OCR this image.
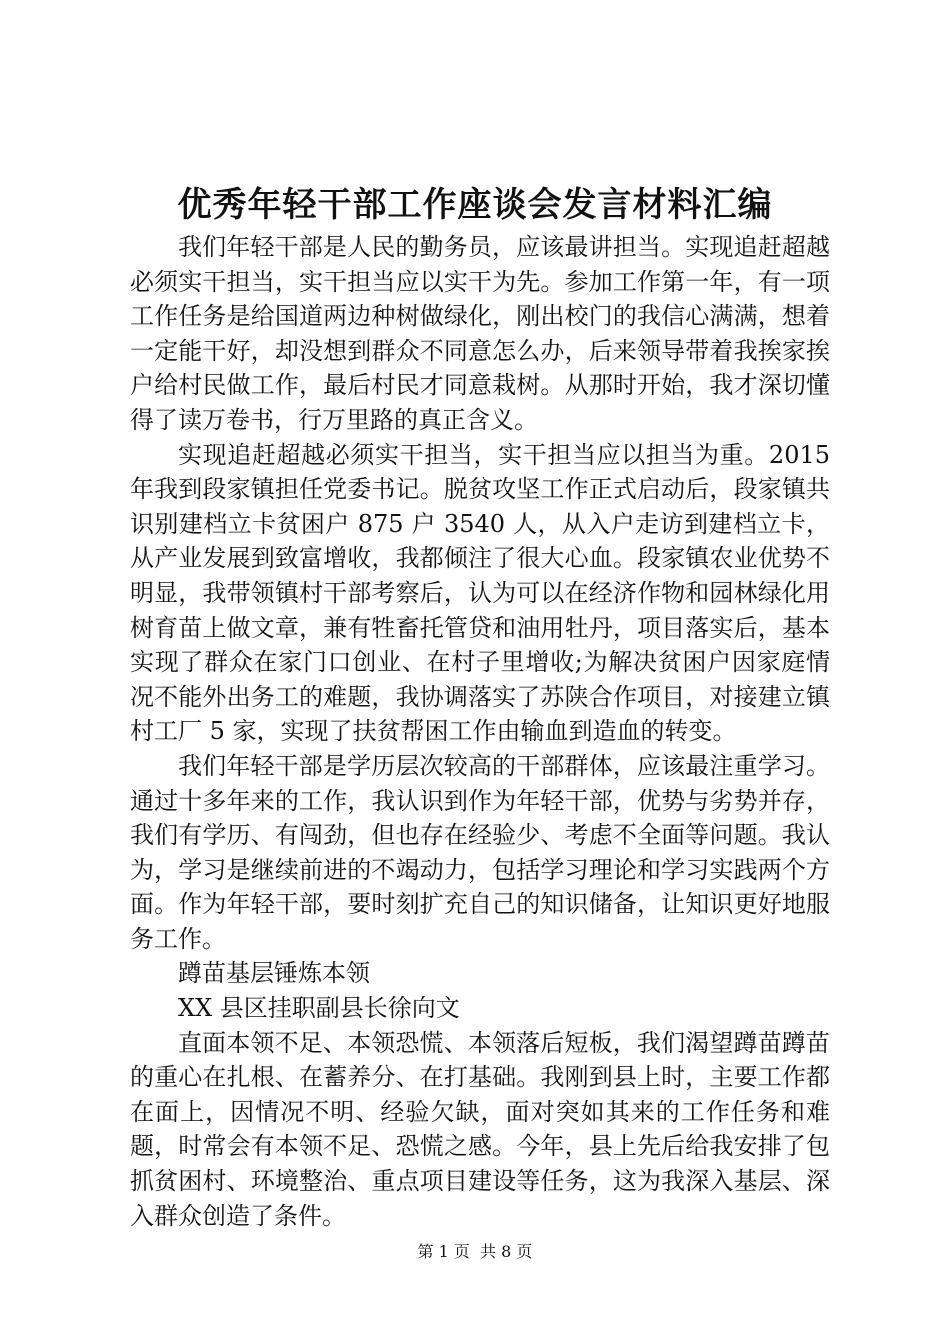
优秀年轻干部工作座谈会发言材料汇编

我们年轻干部是人民的勤务员，应该最讲担当。实现追赶超越必须实干担当，实干担当应以实干为先。参加工作第一年，有一项工作任务是给国道两边种树做绿化，刚出校门的我信心满满，想着一定能干好，却没想到群众不同意怎么办，后来领导带着我挨家挨户给村民做工作，最后村民才同意栽树。从那时开始，我才深切懂得了读万卷书，行万里路的真正含义。

实现追赶超越必须实干担当，实干担当应以担当为重。2015 年我到段家镇担任党委书记。脱贫攻坚工作正式启动后，段家镇共识别建档立卡贫困户 875 户 3540 人，从入户走访到建档立卡，从产业发展到致富增收，我都倾注了很大心血。段家镇农业优势不明显，我带领镇村干部考察后，认为可以在经济作物和园林绿化用树育苗上做文章，兼有牲畜托管贷和油用牡丹，项目落实后，基本实现了群众在家门口创业、在村子里增收;为解决贫困户因家庭情况不能外出务工的难题，我协调落实了苏陕合作项目，对接建立镇村工厂 5 家，实现了扶贫帮困工作由输血到造血的转变。

我们年轻干部是学历层次较高的干部群体，应该最注重学习。通过十多年来的工作，我认识到作为年轻干部，优势与劣势并存，我们有学历、有闯劲，但也存在经验少、考虑不全面等问题。我认为，学习是继续前进的不竭动力，包括学习理论和学习实践两个方面。作为年轻干部，要时刻扩充自己的知识储备，让知识更好地服务工作。

蹲苗基层锤炼本领

XX 县区挂职副县长徐向文

直面本领不足、本领恐慌、本领落后短板，我们渴望蹲苗蹲苗的重心在扎根、在蓄养分、在打基础。我刚到县上时，主要工作都在面上，因情况不明、经验欠缺，面对突如其来的工作任务和难题，时常会有本领不足、恐慌之感。今年，县上先后给我安排了包抓贫困村、环境整治、重点项目建设等任务，这为我深入基层、深入群众创造了条件。

第 1 页 共 8 页
